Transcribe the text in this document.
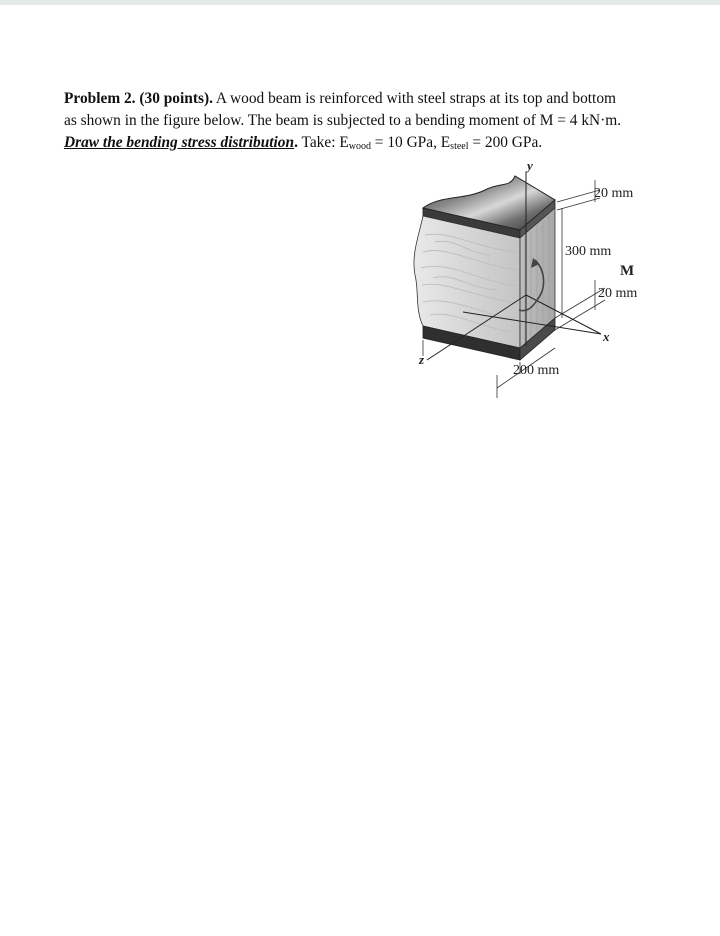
Problem 2. (30 points). A wood beam is reinforced with steel straps at its top and bottom
as shown in the figure below. The beam is subjected to a bending moment of M = 4 kN·m.
Draw the bending stress distribution. Take: $E_{wood} = 10$ GPa, $E_{steel} = 200$ GPa.
y
x
z
20 mm
300 mm
M
20 mm
200 mm
